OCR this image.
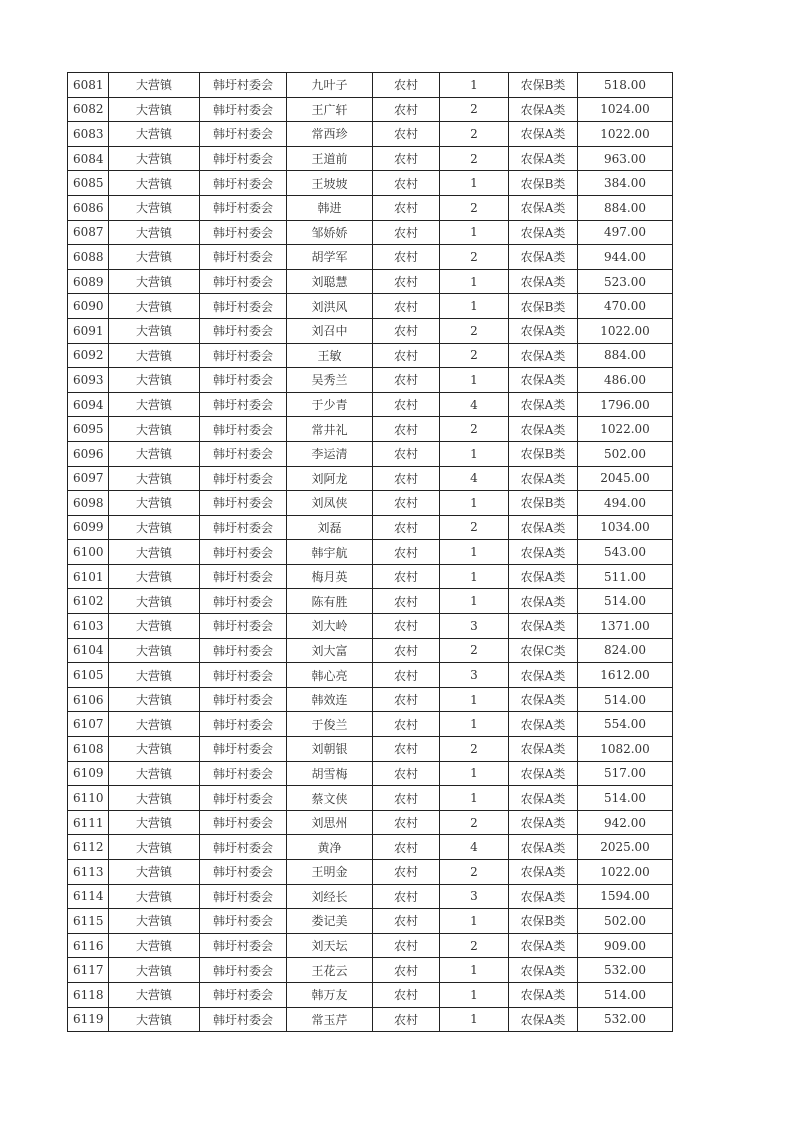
6081	大营镇	韩圩村委会	九叶子	农村	1	农保B类	518.00
6082	大营镇	韩圩村委会	王广轩	农村	2	农保A类	1024.00
6083	大营镇	韩圩村委会	常西珍	农村	2	农保A类	1022.00
6084	大营镇	韩圩村委会	王道前	农村	2	农保A类	963.00
6085	大营镇	韩圩村委会	王坡坡	农村	1	农保B类	384.00
6086	大营镇	韩圩村委会	韩进	农村	2	农保A类	884.00
6087	大营镇	韩圩村委会	邹娇娇	农村	1	农保A类	497.00
6088	大营镇	韩圩村委会	胡学军	农村	2	农保A类	944.00
6089	大营镇	韩圩村委会	刘聪慧	农村	1	农保A类	523.00
6090	大营镇	韩圩村委会	刘洪风	农村	1	农保B类	470.00
6091	大营镇	韩圩村委会	刘召中	农村	2	农保A类	1022.00
6092	大营镇	韩圩村委会	王敏	农村	2	农保A类	884.00
6093	大营镇	韩圩村委会	吴秀兰	农村	1	农保A类	486.00
6094	大营镇	韩圩村委会	于少青	农村	4	农保A类	1796.00
6095	大营镇	韩圩村委会	常井礼	农村	2	农保A类	1022.00
6096	大营镇	韩圩村委会	李运清	农村	1	农保B类	502.00
6097	大营镇	韩圩村委会	刘阿龙	农村	4	农保A类	2045.00
6098	大营镇	韩圩村委会	刘凤侠	农村	1	农保B类	494.00
6099	大营镇	韩圩村委会	刘磊	农村	2	农保A类	1034.00
6100	大营镇	韩圩村委会	韩宇航	农村	1	农保A类	543.00
6101	大营镇	韩圩村委会	梅月英	农村	1	农保A类	511.00
6102	大营镇	韩圩村委会	陈有胜	农村	1	农保A类	514.00
6103	大营镇	韩圩村委会	刘大岭	农村	3	农保A类	1371.00
6104	大营镇	韩圩村委会	刘大富	农村	2	农保C类	824.00
6105	大营镇	韩圩村委会	韩心亮	农村	3	农保A类	1612.00
6106	大营镇	韩圩村委会	韩效连	农村	1	农保A类	514.00
6107	大营镇	韩圩村委会	于俊兰	农村	1	农保A类	554.00
6108	大营镇	韩圩村委会	刘朝银	农村	2	农保A类	1082.00
6109	大营镇	韩圩村委会	胡雪梅	农村	1	农保A类	517.00
6110	大营镇	韩圩村委会	蔡文侠	农村	1	农保A类	514.00
6111	大营镇	韩圩村委会	刘思州	农村	2	农保A类	942.00
6112	大营镇	韩圩村委会	黄净	农村	4	农保A类	2025.00
6113	大营镇	韩圩村委会	王明金	农村	2	农保A类	1022.00
6114	大营镇	韩圩村委会	刘经长	农村	3	农保A类	1594.00
6115	大营镇	韩圩村委会	娄记美	农村	1	农保B类	502.00
6116	大营镇	韩圩村委会	刘天坛	农村	2	农保A类	909.00
6117	大营镇	韩圩村委会	王花云	农村	1	农保A类	532.00
6118	大营镇	韩圩村委会	韩万友	农村	1	农保A类	514.00
6119	大营镇	韩圩村委会	常玉芹	农村	1	农保A类	532.00
